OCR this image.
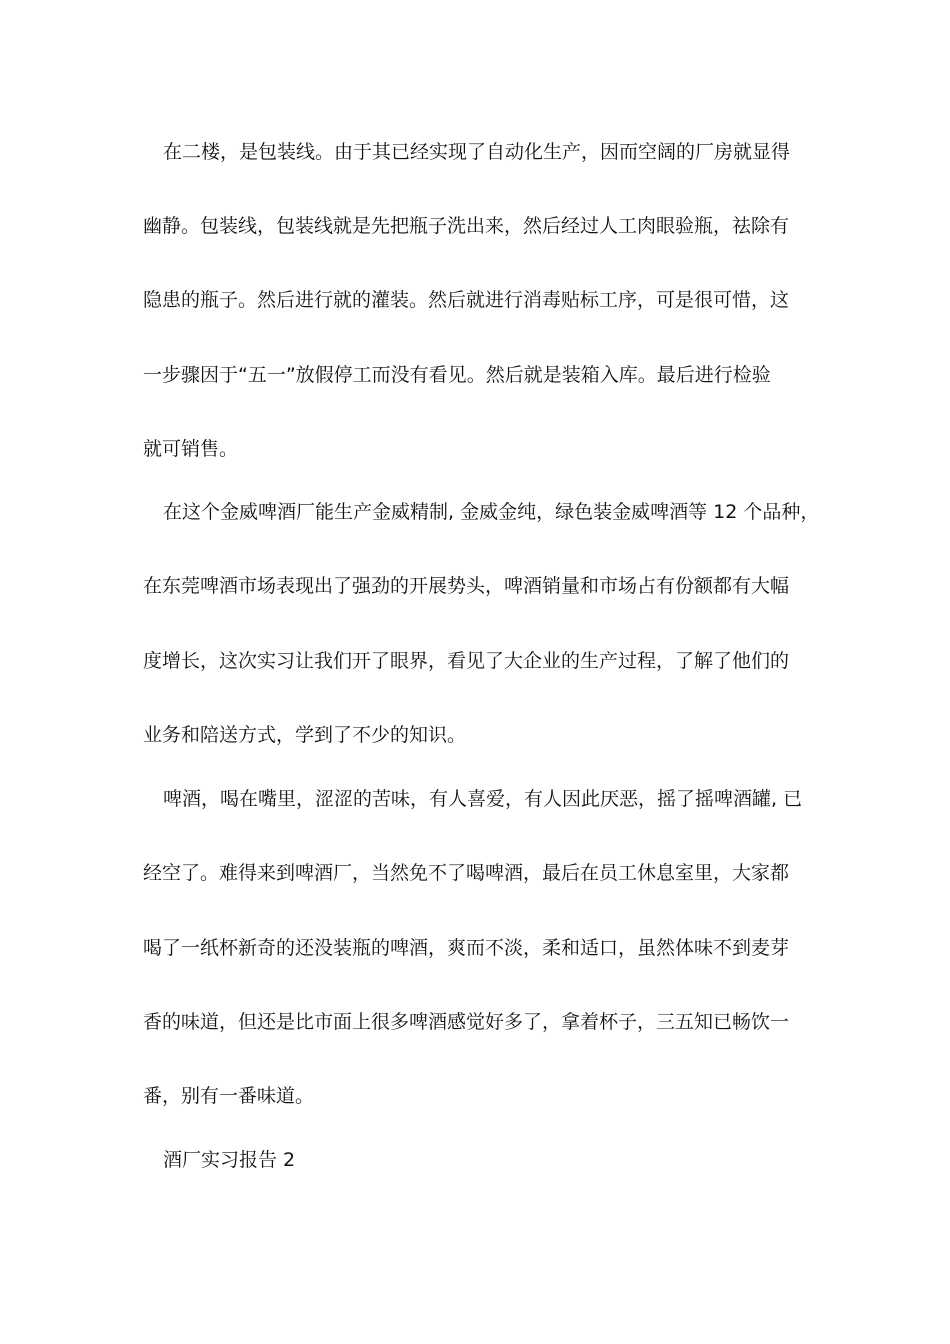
在二楼，是包装线。由于其已经实现了自动化生产，因而空阔的厂房就显得
幽静。包装线，包装线就是先把瓶子洗出来，然后经过人工肉眼验瓶，祛除有
隐患的瓶子。然后进行就的灌装。然后就进行消毒贴标工序，可是很可惜，这
一步骤因于“五一”放假停工而没有看见。然后就是装箱入库。最后进行检验
就可销售。
在这个金威啤酒厂能生产金威精制, 金威金纯，绿色装金威啤酒等 12 个品种，
在东莞啤酒市场表现出了强劲的开展势头，啤酒销量和市场占有份额都有大幅
度增长，这次实习让我们开了眼界，看见了大企业的生产过程，了解了他们的
业务和陪送方式，学到了不少的知识。
啤酒，喝在嘴里，涩涩的苦味，有人喜爱，有人因此厌恶，摇了摇啤酒罐, 已
经空了。难得来到啤酒厂，当然免不了喝啤酒，最后在员工休息室里，大家都
喝了一纸杯新奇的还没装瓶的啤酒，爽而不淡，柔和适口，虽然体味不到麦芽
香的味道，但还是比市面上很多啤酒感觉好多了，拿着杯子，三五知已畅饮一
番，别有一番味道。
酒厂实习报告 2
